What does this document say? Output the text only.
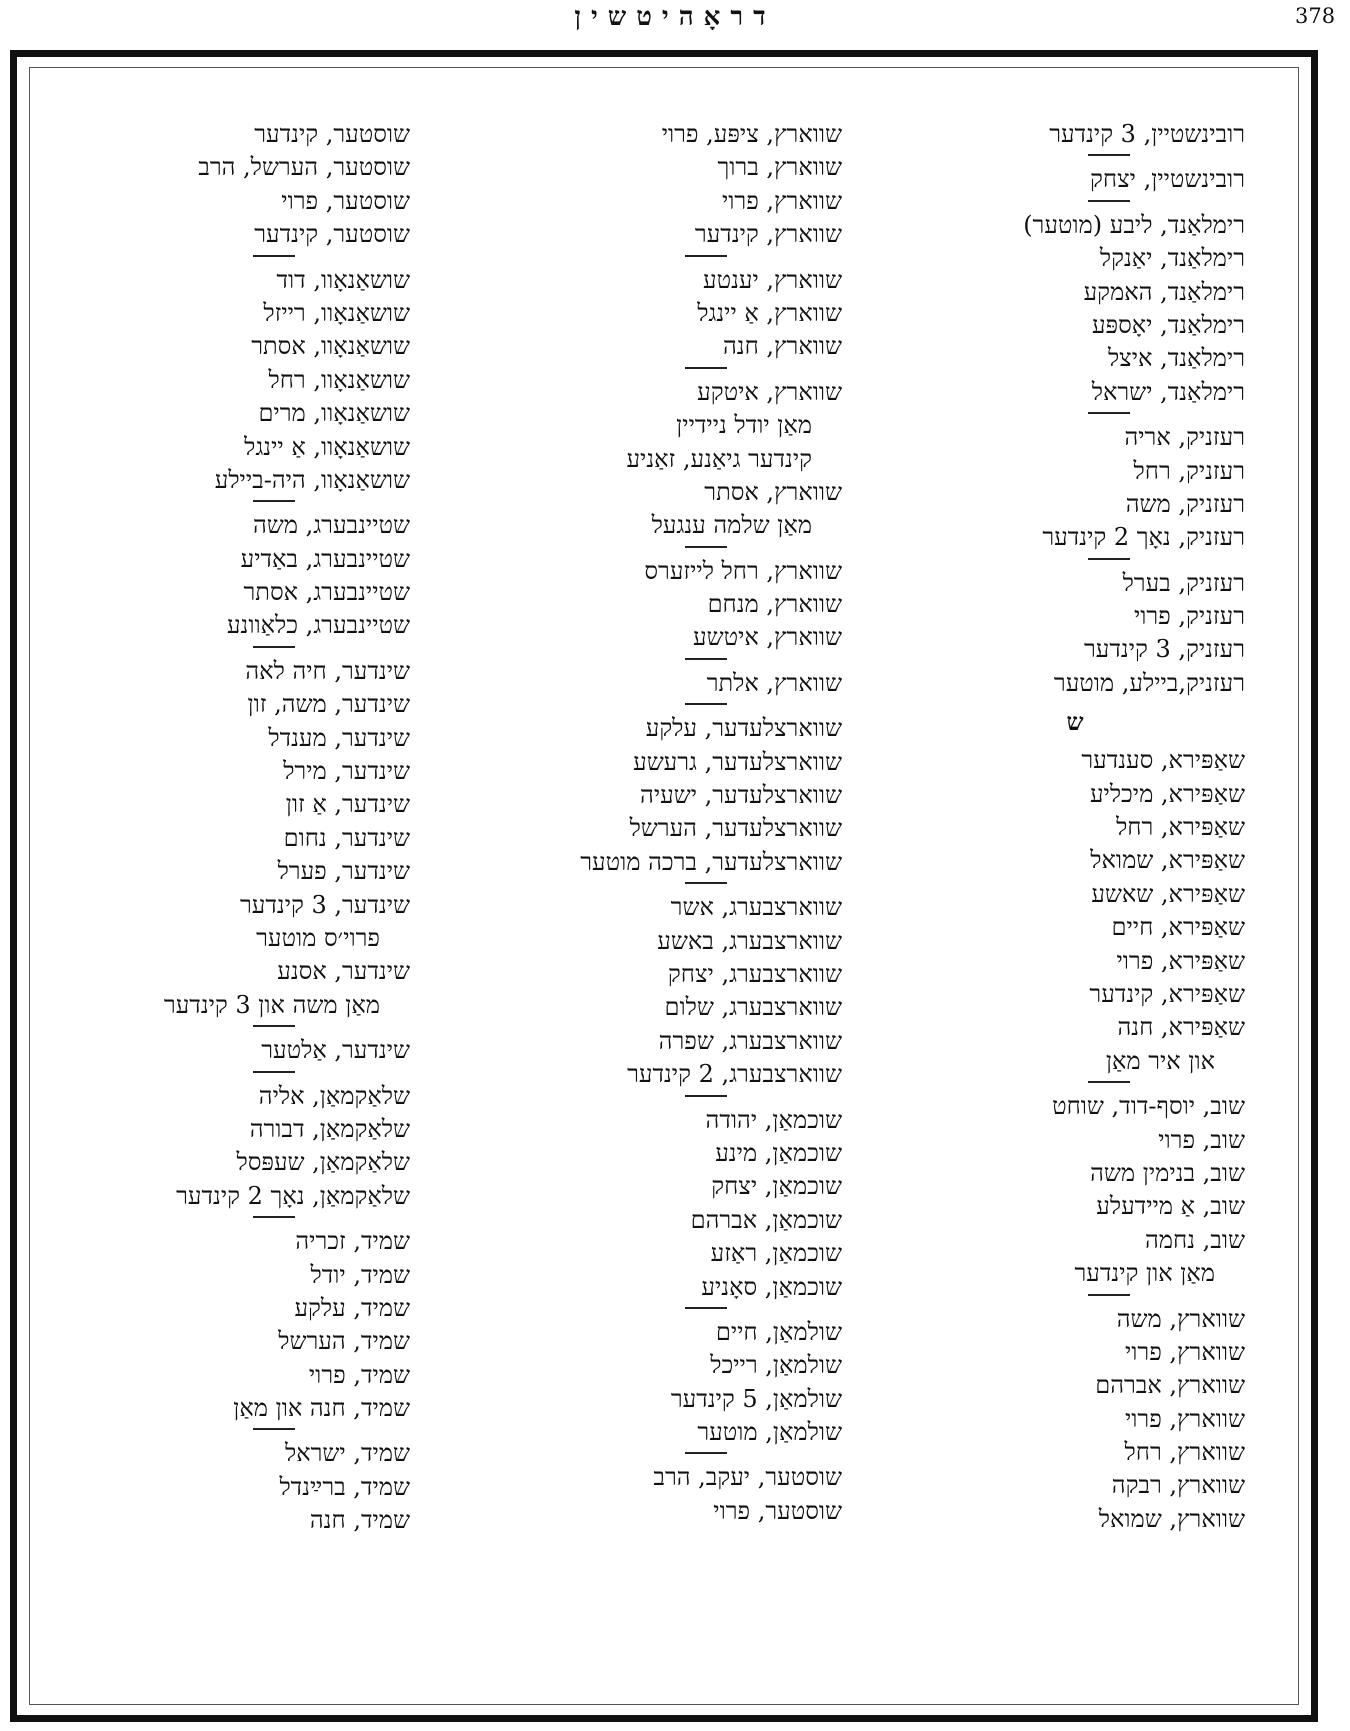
דראָהיטשין	378
רובינשטיין, 3 קינדער
רובינשטיין, יצחק
רימלאַנד, ליבע (מוטער)
רימלאַנד, יאַנקל
רימלאַנד, האמקע
רימלאַנד, יאָספּע
רימלאַנד, איצל
רימלאַנד, ישראל
רעזניק, אריה
רעזניק, רחל
רעזניק, משה
רעזניק, נאָך 2 קינדער
רעזניק, בערל
רעזניק, פרוי
רעזניק, 3 קינדער
רעזניק,ביילע, מוטער
ש
שאַפּירא, סענדער
שאַפּירא, מיכליע
שאַפּירא, רחל
שאַפּירא, שמואל
שאַפּירא, שאשע
שאַפּירא, חיים
שאַפּירא, פרוי
שאַפּירא, קינדער
שאַפּירא, חנה
און איר מאַן
שוב, יוסף-דוד, שוחט
שוב, פרוי
שוב, בנימין משה
שוב, אַ מיידעלע
שוב, נחמה
מאַן און קינדער
שווארץ, משה
שווארץ, פרוי
שווארץ, אברהם
שווארץ, פרוי
שווארץ, רחל
שווארץ, רבקה
שווארץ, שמואל
שווארץ, ציפּע, פרוי
שווארץ, ברוך
שווארץ, פרוי
שווארץ, קינדער
שווארץ, יענטע
שווארץ, אַ יינגל
שווארץ, חנה
שווארץ, איטקע
מאַן יודל ניידיין
קינדער גיאַנע, זאַניע
שווארץ, אסתר
מאַן שלמה ענגעל
שווארץ, רחל לייזערס
שווארץ, מנחם
שווארץ, איטשע
שווארץ, אלתר
שווארצלעדער, עלקע
שווארצלעדער, גרעשע
שווארצלעדער, ישעיה
שווארצלעדער, הערשל
שווארצלעדער, ברכה מוטער
שווארצבערג, אשר
שווארצבערג, באשע
שווארצבערג, יצחק
שווארצבערג, שלום
שווארצבערג, שפרה
שווארצבערג, 2 קינדער
שוכמאַן, יהודה
שוכמאַן, מינע
שוכמאַן, יצחק
שוכמאַן, אברהם
שוכמאַן, ראַזע
שוכמאַן, סאָניע
שולמאַן, חיים
שולמאַן, רייכל
שולמאַן, 5 קינדער
שולמאַן, מוטער
שוסטער, יעקב, הרב
שוסטער, פרוי
שוסטער, קינדער
שוסטער, הערשל, הרב
שוסטער, פרוי
שוסטער, קינדער
שושאַנאָוו, דוד
שושאַנאָוו, רייזל
שושאַנאָוו, אסתר
שושאַנאָוו, רחל
שושאַנאָוו, מרים
שושאַנאָוו, אַ יינגל
שושאַנאָוו, היה-ביילע
שטיינבערג, משה
שטיינבערג, באַדיע
שטיינבערג, אסתר
שטיינבערג, כלאַוונע
שינדער, חיה לאה
שינדער, משה, זון
שינדער, מענדל
שינדער, מירל
שינדער, אַ זון
שינדער, נחום
שינדער, פערל
שינדער, 3 קינדער
פרוי׳ס מוטער
שינדער, אסנע
מאַן משה און 3 קינדער
שינדער, אַלטער
שלאַקמאַן, אליה
שלאַקמאַן, דבורה
שלאַקמאַן, שעפּסל
שלאַקמאַן, נאָך 2 קינדער
שמיד, זכריה
שמיד, יודל
שמיד, עלקע
שמיד, הערשל
שמיד, פרוי
שמיד, חנה און מאַן
שמיד, ישראל
שמיד, ברײַנדל
שמיד, חנה
